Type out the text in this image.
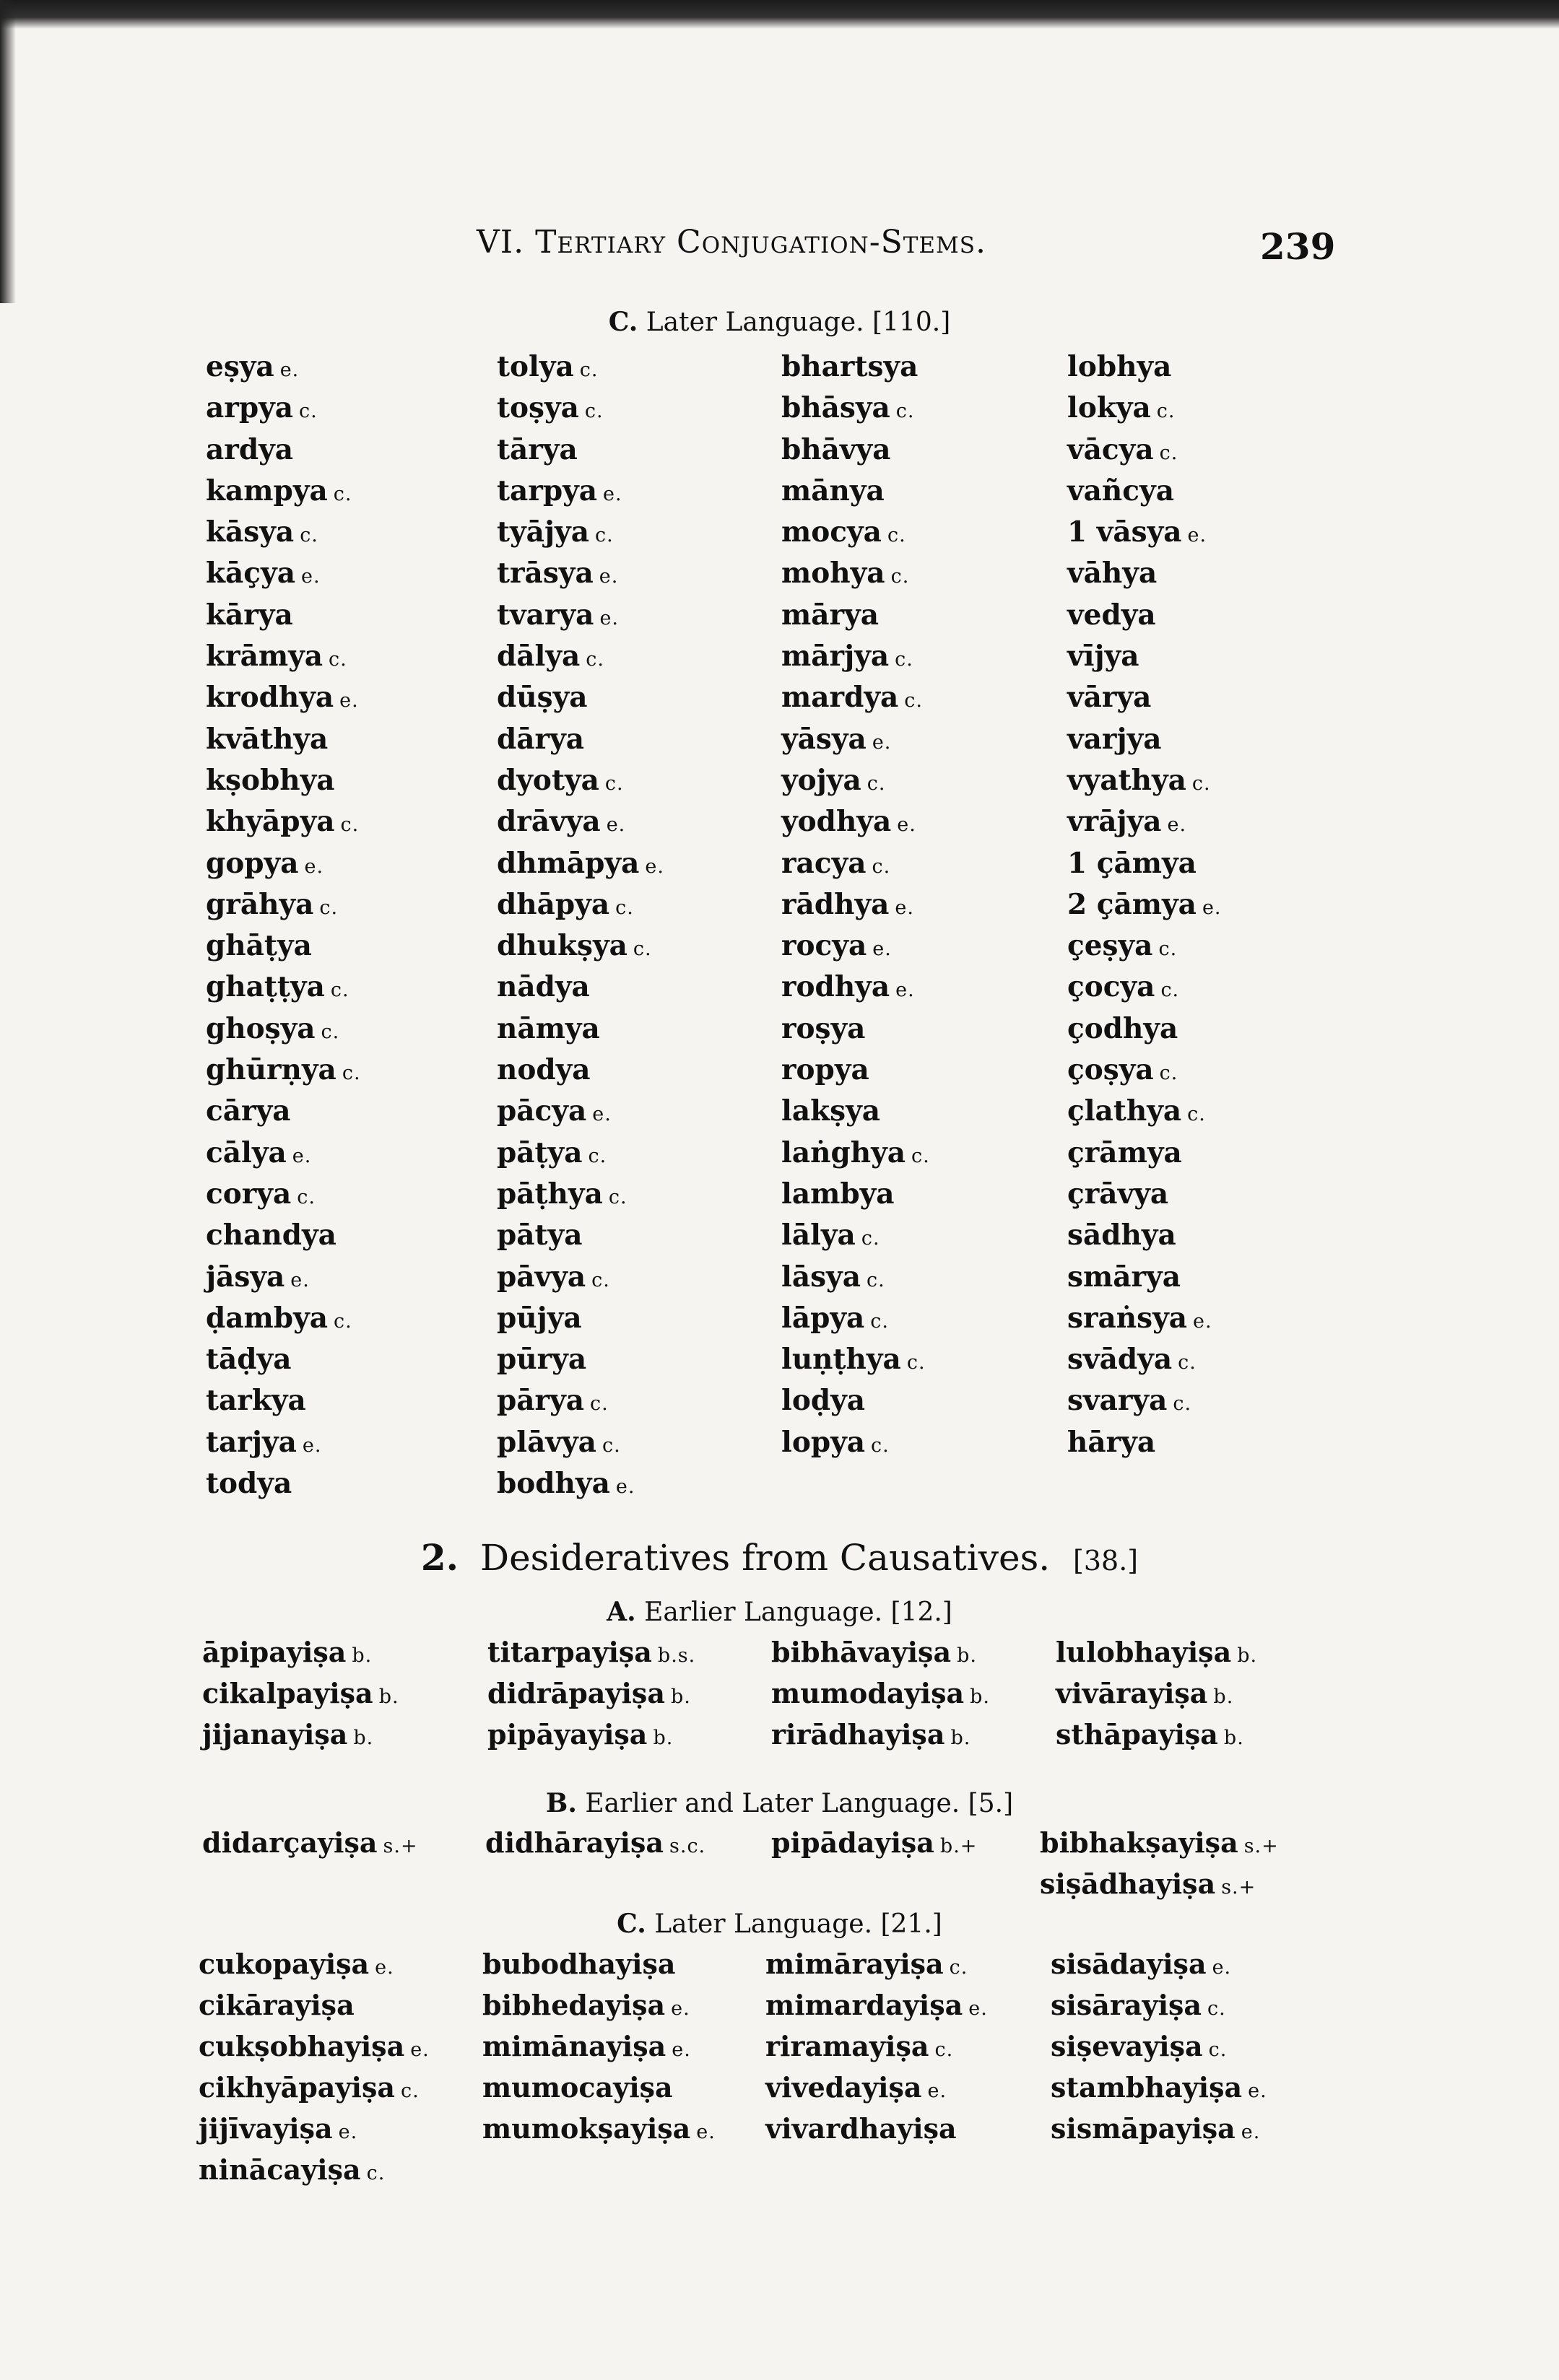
VI. Tertiary Conjugation-Stems.	239
C. Later Language. [110.]
eṣya e.
arpya c.
ardya
kampya c.
kāsya c.
kāçya e.
kārya
krāmya c.
krodhya e.
kvāthya
kṣobhya
khyāpya c.
gopya e.
grāhya c.
ghāṭya
ghaṭṭya c.
ghoṣya c.
ghūrṇya c.
cārya
cālya e.
corya c.
chandya
jāsya e.
ḍambya c.
tāḍya
tarkya
tarjya e.
todya
tolya c.
toṣya c.
tārya
tarpya e.
tyājya c.
trāsya e.
tvarya e.
dālya c.
dūṣya
dārya
dyotya c.
drāvya e.
dhmāpya e.
dhāpya c.
dhukṣya c.
nādya
nāmya
nodya
pācya e.
pāṭya c.
pāṭhya c.
pātya
pāvya c.
pūjya
pūrya
pārya c.
plāvya c.
bodhya e.
bhartsya
bhāsya c.
bhāvya
mānya
mocya c.
mohya c.
mārya
mārjya c.
mardya c.
yāsya e.
yojya c.
yodhya e.
racya c.
rādhya e.
rocya e.
rodhya e.
roṣya
ropya
lakṣya
laṅghya c.
lambya
lālya c.
lāsya c.
lāpya c.
luṇṭhya c.
loḍya
lopya c.
lobhya
lokya c.
vācya c.
vañcya
1 vāsya e.
vāhya
vedya
vījya
vārya
varjya
vyathya c.
vrājya e.
1 çāmya
2 çāmya e.
çeṣya c.
çocya c.
çodhya
çoṣya c.
çlathya c.
çrāmya
çrāvya
sādhya
smārya
sraṅsya e.
svādya c.
svarya c.
hārya
2. Desideratives from Causatives. [38.]
A. Earlier Language. [12.]
āpipayiṣa b.
cikalpayiṣa b.
jijanayiṣa b.
titarpayiṣa b.s.
didrāpayiṣa b.
pipāyayiṣa b.
bibhāvayiṣa b.
mumodayiṣa b.
rirādhayiṣa b.
lulobhayiṣa b.
vivārayiṣa b.
sthāpayiṣa b.
B. Earlier and Later Language. [5.]
didarçayiṣa s.+ didhārayiṣa s.c. pipādayiṣa b.+ bibhakṣayiṣa s.+
siṣādhayiṣa s.+
C. Later Language. [21.]
cukopayiṣa e.
cikārayiṣa
cukṣobhayiṣa e.
cikhyāpayiṣa c.
jijīvayiṣa e.
ninācayiṣa c.
bubodhayiṣa
bibhedayiṣa e.
mimānayiṣa e.
mumocayiṣa
mumokṣayiṣa e.
mimārayiṣa c.
mimardayiṣa e.
riramayiṣa c.
vivedayiṣa e.
vivardhayiṣa
sisādayiṣa e.
sisārayiṣa c.
siṣevayiṣa c.
stambhayiṣa e.
sismāpayiṣa e.
